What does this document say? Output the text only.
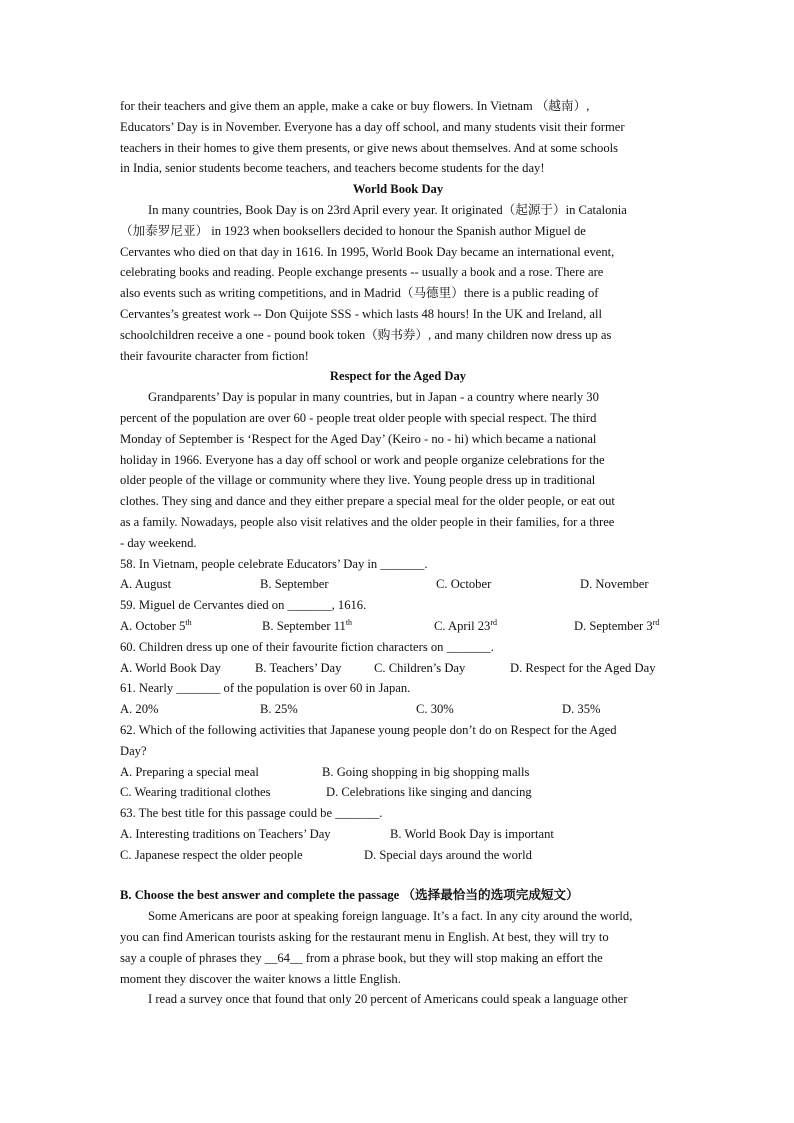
for their teachers and give them an apple, make a cake or buy flowers. In Vietnam （越南）,
Educators’ Day is in November. Everyone has a day off school, and many students visit their former
teachers in their homes to give them presents, or give news about themselves. And at some schools
in India, senior students become teachers, and teachers become students for the day!
World Book Day
In many countries, Book Day is on 23rd April every year. It originated（起源于）in Catalonia
（加泰罗尼亚） in 1923 when booksellers decided to honour the Spanish author Miguel de
Cervantes who died on that day in 1616. In 1995, World Book Day became an international event,
celebrating books and reading. People exchange presents -- usually a book and a rose. There are
also events such as writing competitions, and in Madrid（马德里）there is a public reading of
Cervantes’s greatest work -- Don Quijote SSS - which lasts 48 hours! In the UK and Ireland, all
schoolchildren receive a one - pound book token（购书券）, and many children now dress up as
their favourite character from fiction!
Respect for the Aged Day
Grandparents’ Day is popular in many countries, but in Japan - a country where nearly 30
percent of the population are over 60 - people treat older people with special respect. The third
Monday of September is ‘Respect for the Aged Day’ (Keiro - no - hi) which became a national
holiday in 1966. Everyone has a day off school or work and people organize celebrations for the
older people of the village or community where they live. Young people dress up in traditional
clothes. They sing and dance and they either prepare a special meal for the older people, or eat out
as a family. Nowadays, people also visit relatives and the older people in their families, for a three
- day weekend.
58. In Vietnam, people celebrate Educators’ Day in _______.
A. August	B. September	C. October	D. November
59. Miguel de Cervantes died on _______, 1616.
A. October 5th	B. September 11th	C. April 23rd	D. September 3rd
60. Children dress up one of their favourite fiction characters on _______.
A. World Book Day	B. Teachers’ Day	C. Children’s Day	D. Respect for the Aged Day
61. Nearly _______ of the population is over 60 in Japan.
A. 20%	B. 25%	C. 30%	D. 35%
62. Which of the following activities that Japanese young people don’t do on Respect for the Aged
Day?
A. Preparing a special meal	B. Going shopping in big shopping malls
C. Wearing traditional clothes	D. Celebrations like singing and dancing
63. The best title for this passage could be _______.
A. Interesting traditions on Teachers’ Day	B. World Book Day is important
C. Japanese respect the older people	D. Special days around the world
B. Choose the best answer and complete the passage （选择最恰当的选项完成短文）
Some Americans are poor at speaking foreign language. It’s a fact. In any city around the world,
you can find American tourists asking for the restaurant menu in English. At best, they will try to
say a couple of phrases they __64__ from a phrase book, but they will stop making an effort the
moment they discover the waiter knows a little English.
I read a survey once that found that only 20 percent of Americans could speak a language other
